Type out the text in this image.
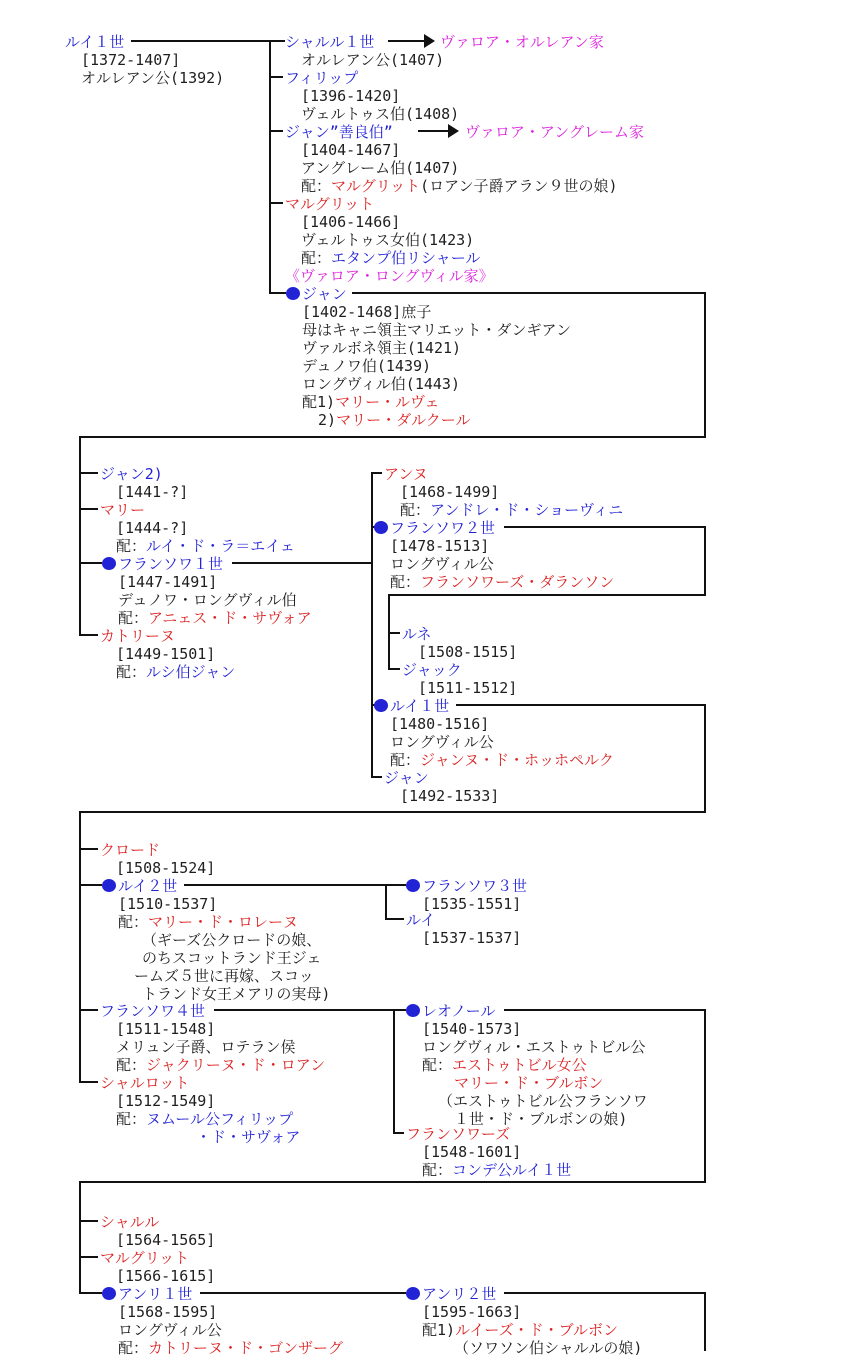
ルイ１世
[1372-1407]
オルレアン公(1392)
シャルル１世
オルレアン公(1407)
ヴァロア・オルレアン家
フィリップ
[1396-1420]
ヴェルトゥス伯(1408)
ジャン”善良伯”
[1404-1467]
アングレーム伯(1407)
配：マルグリット(ロアン子爵アラン９世の娘)
ヴァロア・アングレーム家
マルグリット
[1406-1466]
ヴェルトゥス女伯(1423)
配：エタンプ伯リシャール
《ヴァロア・ロングヴィル家》
ジャン
[1402-1468]庶子
母はキャニ領主マリエット・ダンギアン
ヴァルボネ領主(1421)
デュノワ伯(1439)
ロングヴィル伯(1443)
配1)マリー・ルヴェ
2)マリー・ダルクール
ジャン2)
[1441-?]
マリー
[1444-?]
配：ルイ・ド・ラ＝エイェ
フランソワ１世
[1447-1491]
デュノワ・ロングヴィル伯
配：アニェス・ド・サヴォア
カトリーヌ
[1449-1501]
配：ルシ伯ジャン
アンヌ
[1468-1499]
配：アンドレ・ド・ショーヴィニ
フランソワ２世
[1478-1513]
ロングヴィル公
配：フランソワーズ・ダランソン
ルネ
[1508-1515]
ジャック
[1511-1512]
ルイ１世
[1480-1516]
ロングヴィル公
配：ジャンヌ・ド・ホッホペルク
ジャン
[1492-1533]
クロード
[1508-1524]
ルイ２世
[1510-1537]
配：マリー・ド・ロレーヌ
（ギーズ公クロードの娘、
のちスコットランド王ジェ
ームズ５世に再嫁、スコッ
トランド女王メアリの実母)
フランソワ４世
[1511-1548]
メリュン子爵、ロテラン侯
配：ジャクリーヌ・ド・ロアン
シャルロット
[1512-1549]
配：ヌムール公フィリップ
・ド・サヴォア
フランソワ３世
[1535-1551]
ルイ
[1537-1537]
レオノール
[1540-1573]
ロングヴィル・エストゥトビル公
配：エストゥトビル女公
マリー・ド・ブルボン
（エストゥトビル公フランソワ
１世・ド・ブルボンの娘)
フランソワーズ
[1548-1601]
配：コンデ公ルイ１世
シャルル
[1564-1565]
マルグリット
[1566-1615]
アンリ１世
[1568-1595]
ロングヴィル公
配：カトリーヌ・ド・ゴンザーグ
アンリ２世
[1595-1663]
配1)ルイーズ・ド・ブルボン
（ソワソン伯シャルルの娘)
